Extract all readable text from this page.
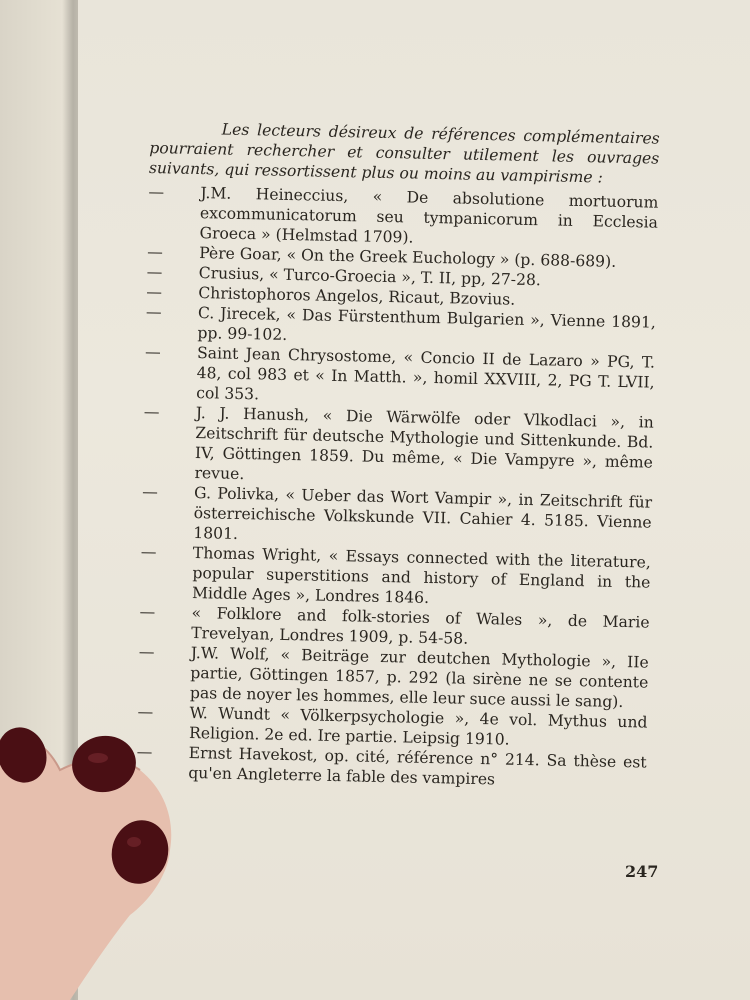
Les lecteurs désireux de références complémentaires pourraient rechercher et consulter utilement les ouvrages suivants, qui ressortissent plus ou moins au vampirisme :

—	J.M. Heineccius, « De absolutione mortuorum excommunicatorum seu tympanicorum in Ecclesia Groeca » (Helmstad 1709).
—	Père Goar, « On the Greek Euchology » (p. 688-689).
—	Crusius, « Turco-Groecia », T. II, pp, 27-28.
—	Christophoros Angelos, Ricaut, Bzovius.
—	C. Jirecek, « Das Fürstenthum Bulgarien », Vienne 1891, pp. 99-102.
—	Saint Jean Chrysostome, « Concio II de Lazaro » PG, T. 48, col 983 et « In Matth. », homil XXVIII, 2, PG T. LVII, col 353.
—	J. J. Hanush, « Die Wärwölfe oder Vlkodlaci », in Zeitschrift für deutsche Mythologie und Sittenkunde. Bd. IV, Göttingen 1859. Du même, « Die Vampyre », même revue.
—	G. Polivka, « Ueber das Wort Vampir », in Zeitschrift für österreichische Volkskunde VII. Cahier 4. 5185. Vienne 1801.
—	Thomas Wright, « Essays connected with the literature, popular superstitions and history of England in the Middle Ages », Londres 1846.
—	« Folklore and folk-stories of Wales », de Marie Trevelyan, Londres 1909, p. 54-58.
—	J.W. Wolf, « Beiträge zur deutchen Mythologie », IIe partie, Göttingen 1857, p. 292 (la sirène ne se contente pas de noyer les hommes, elle leur suce aussi le sang).
—	W. Wundt « Völkerpsychologie », 4e vol. Mythus und Religion. 2e ed. Ire partie. Leipsig 1910.
—	Ernst Havekost, op. cité, référence n° 214. Sa thèse est qu'en Angleterre la fable des vampires
247
